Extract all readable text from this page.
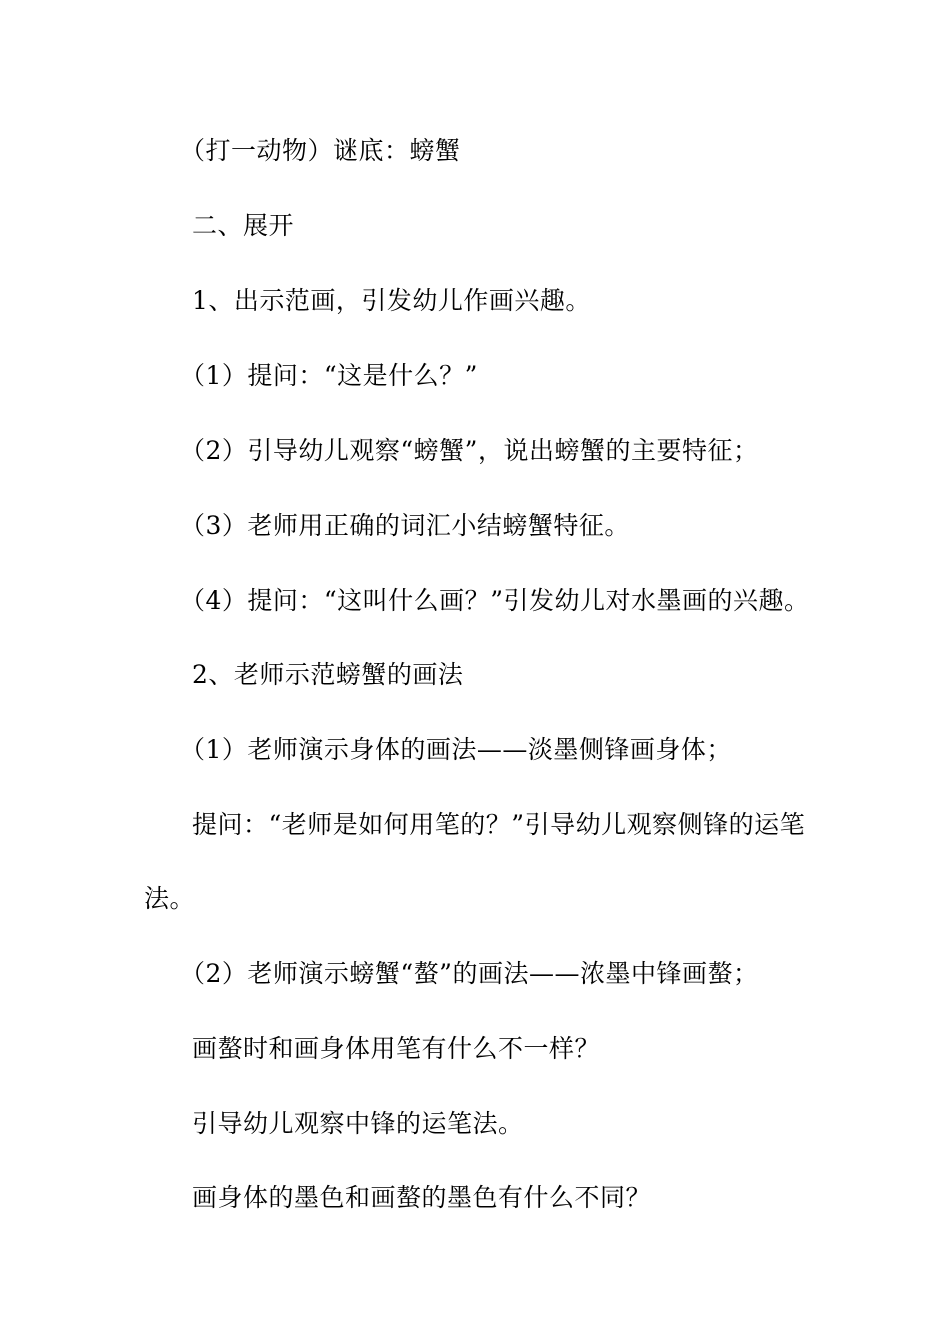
（打一动物）谜底：螃蟹
二、展开
1、出示范画，引发幼儿作画兴趣。
（1）提问：“这是什么？”
（2）引导幼儿观察“螃蟹”，说出螃蟹的主要特征；
（3）老师用正确的词汇小结螃蟹特征。
（4）提问：“这叫什么画？”引发幼儿对水墨画的兴趣。
2、老师示范螃蟹的画法
（1）老师演示身体的画法——淡墨侧锋画身体；
提问：“老师是如何用笔的？”引导幼儿观察侧锋的运笔
法。
（2）老师演示螃蟹“螯”的画法——浓墨中锋画螯；
画螯时和画身体用笔有什么不一样？
引导幼儿观察中锋的运笔法。
画身体的墨色和画螯的墨色有什么不同？
